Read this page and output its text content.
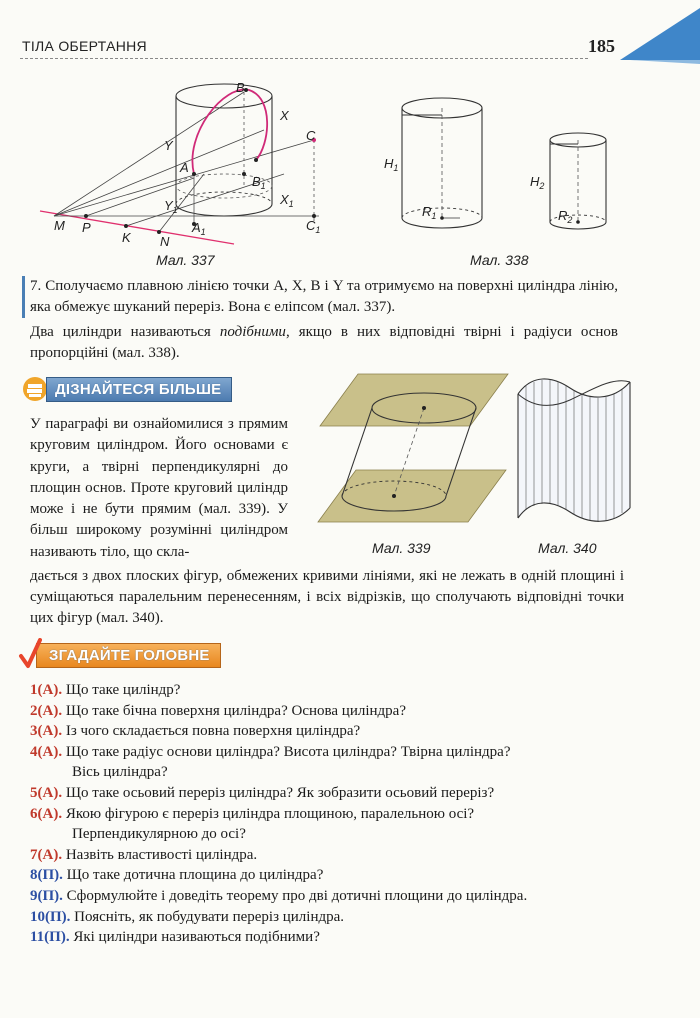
ТІЛА ОБЕРТАННЯ	185
B
X
C
Y
A
$B_1$
$Y_1$
$X_1$
M P
K N
$A_1$	$C_1$
Мал. 337
$H_1$
$R_1$
$H_2$
$R_2$
Мал. 338

7. Сполучаємо плавною лінією точки A, X, B і Y та отримуємо на поверхні циліндра лінію, яка обмежує шуканий переріз. Вона є еліпсом (мал. 337).

Два циліндри називаються подібними, якщо в них відповідні твірні і радіуси основ пропорційні (мал. 338).

ДІЗНАЙТЕСЯ БІЛЬШЕ

У параграфі ви ознайомилися з прямим круговим циліндром. Його основами є круги, а твірні перпендикулярні до площин основ. Проте круговий циліндр може і не бути прямим (мал. 339). У більш широкому розумінні циліндром називають тіло, що скла-	Мал. 339	Мал. 340

дається з двох плоских фігур, обмежених кривими лініями, які не лежать в одній площині і суміщаються паралельним перенесенням, і всіх відрізків, що сполучають відповідні точки цих фігур (мал. 340).

ЗГАДАЙТЕ ГОЛОВНЕ

1(А). Що таке циліндр?

2(А). Що таке бічна поверхня циліндра? Основа циліндра?

3(А). Із чого складається повна поверхня циліндра?

4(А). Що таке радіус основи циліндра? Висота циліндра? Твірна циліндра?
Вісь циліндра?

5(А). Що таке осьовий переріз циліндра? Як зобразити осьовий переріз?

6(А). Якою фігурою є переріз циліндра площиною, паралельною осі?
Перпендикулярною до осі?

7(А). Назвіть властивості циліндра.

8(П). Що таке дотична площина до циліндра?

9(П). Сформулюйте і доведіть теорему про дві дотичні площини до циліндра.

10(П). Поясніть, як побудувати переріз циліндра.

11(П). Які циліндри називаються подібними?
